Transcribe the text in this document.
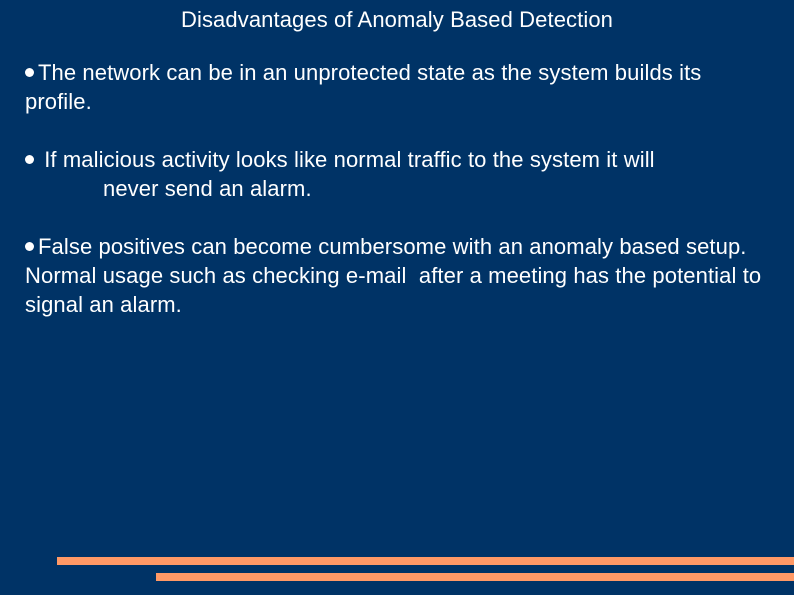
Disadvantages of Anomaly Based Detection
The network can be in an unprotected state as the system builds its profile.
If malicious activity looks like normal traffic to the system it will
never send an alarm.
False positives can become cumbersome with an anomaly based setup. Normal usage such as checking e-mail  after a meeting has the potential to signal an alarm.
